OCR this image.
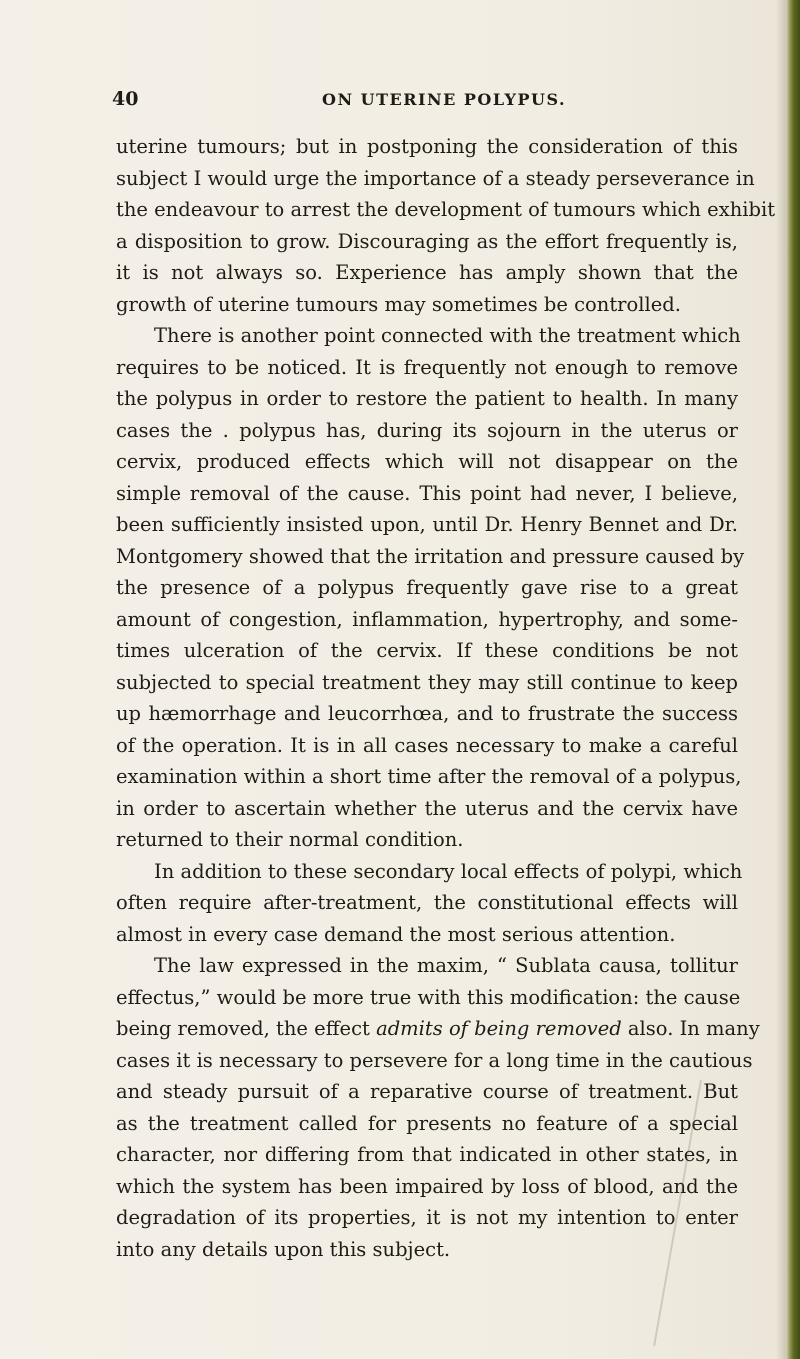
40	ON UTERINE POLYPUS.
uterine tumours; but in postponing the consideration of this
subject I would urge the importance of a steady perseverance in
the endeavour to arrest the development of tumours which exhibit
a disposition to grow. Discouraging as the effort frequently is,
it is not always so. Experience has amply shown that the
growth of uterine tumours may sometimes be controlled.
There is another point connected with the treatment which
requires to be noticed. It is frequently not enough to remove
the polypus in order to restore the patient to health. In many
cases the . polypus has, during its sojourn in the uterus or
cervix, produced effects which will not disappear on the
simple removal of the cause. This point had never, I believe,
been sufficiently insisted upon, until Dr. Henry Bennet and Dr.
Montgomery showed that the irritation and pressure caused by
the presence of a polypus frequently gave rise to a great
amount of congestion, inflammation, hypertrophy, and some-
times ulceration of the cervix. If these conditions be not
subjected to special treatment they may still continue to keep
up hæmorrhage and leucorrhœa, and to frustrate the success
of the operation. It is in all cases necessary to make a careful
examination within a short time after the removal of a polypus,
in order to ascertain whether the uterus and the cervix have
returned to their normal condition.
In addition to these secondary local effects of polypi, which
often require after-treatment, the constitutional effects will
almost in every case demand the most serious attention.
The law expressed in the maxim, “ Sublata causa, tollitur
effectus,” would be more true with this modification: the cause
being removed, the effect admits of being removed also. In many
cases it is necessary to persevere for a long time in the cautious
and steady pursuit of a reparative course of treatment. But
as the treatment called for presents no feature of a special
character, nor differing from that indicated in other states, in
which the system has been impaired by loss of blood, and the
degradation of its properties, it is not my intention to enter
into any details upon this subject.
